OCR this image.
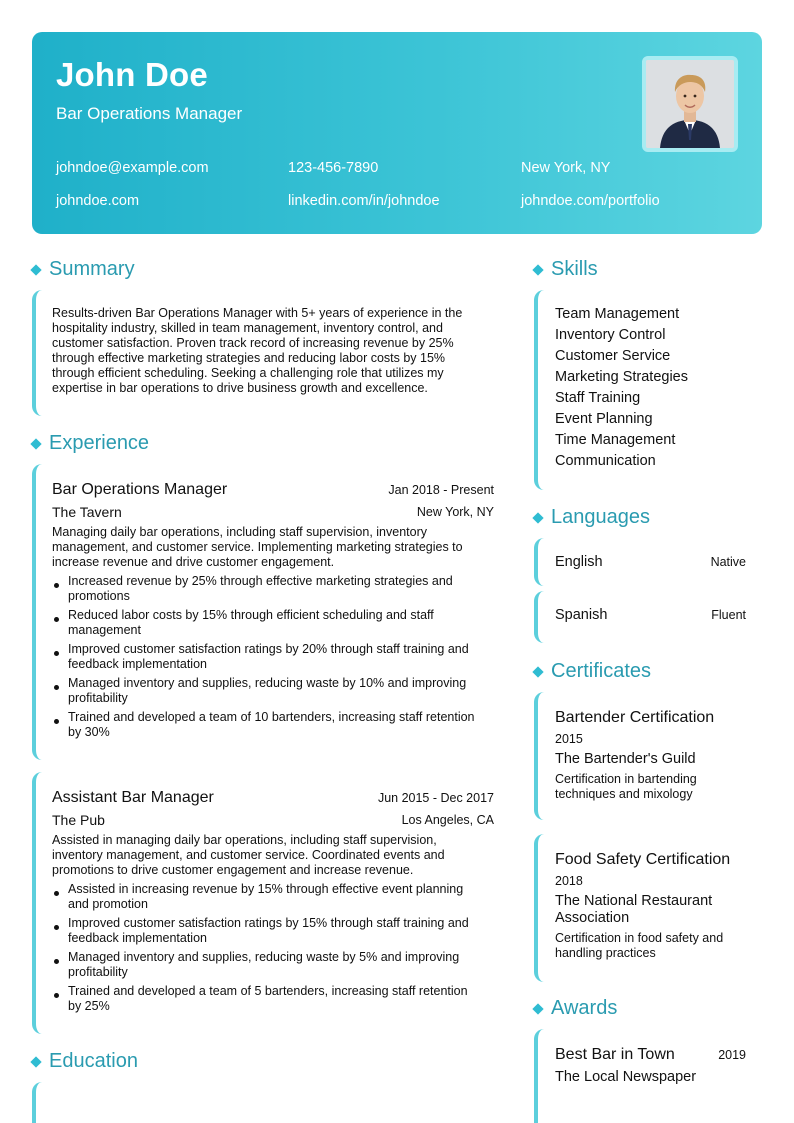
John Doe
Bar Operations Manager
johndoe@example.com	123-456-7890	New York, NY
johndoe.com	linkedin.com/in/johndoe	johndoe.com/portfolio
Summary
Results-driven Bar Operations Manager with 5+ years of experience in the
hospitality industry, skilled in team management, inventory control, and
customer satisfaction. Proven track record of increasing revenue by 25%
through effective marketing strategies and reducing labor costs by 15%
through efficient scheduling. Seeking a challenging role that utilizes my
expertise in bar operations to drive business growth and excellence.
Experience
Bar Operations Manager	Jan 2018 - Present
The Tavern	New York, NY
Managing daily bar operations, including staff supervision, inventory
management, and customer service. Implementing marketing strategies to
increase revenue and drive customer engagement.
Increased revenue by 25% through effective marketing strategies and
promotions
Reduced labor costs by 15% through efficient scheduling and staff
management
Improved customer satisfaction ratings by 20% through staff training and
feedback implementation
Managed inventory and supplies, reducing waste by 10% and improving
profitability
Trained and developed a team of 10 bartenders, increasing staff retention
by 30%
Assistant Bar Manager	Jun 2015 - Dec 2017
The Pub	Los Angeles, CA
Assisted in managing daily bar operations, including staff supervision,
inventory management, and customer service. Coordinated events and
promotions to drive customer engagement and increase revenue.
Assisted in increasing revenue by 15% through effective event planning
and promotion
Improved customer satisfaction ratings by 15% through staff training and
feedback implementation
Managed inventory and supplies, reducing waste by 5% and improving
profitability
Trained and developed a team of 5 bartenders, increasing staff retention
by 25%
Education
Skills
Team Management
Inventory Control
Customer Service
Marketing Strategies
Staff Training
Event Planning
Time Management
Communication
Languages
English	Native
Spanish	Fluent
Certificates
Bartender Certification
2015
The Bartender's Guild
Certification in bartending
techniques and mixology
Food Safety Certification
2018
The National Restaurant
Association
Certification in food safety and
handling practices
Awards
Best Bar in Town	2019
The Local Newspaper
